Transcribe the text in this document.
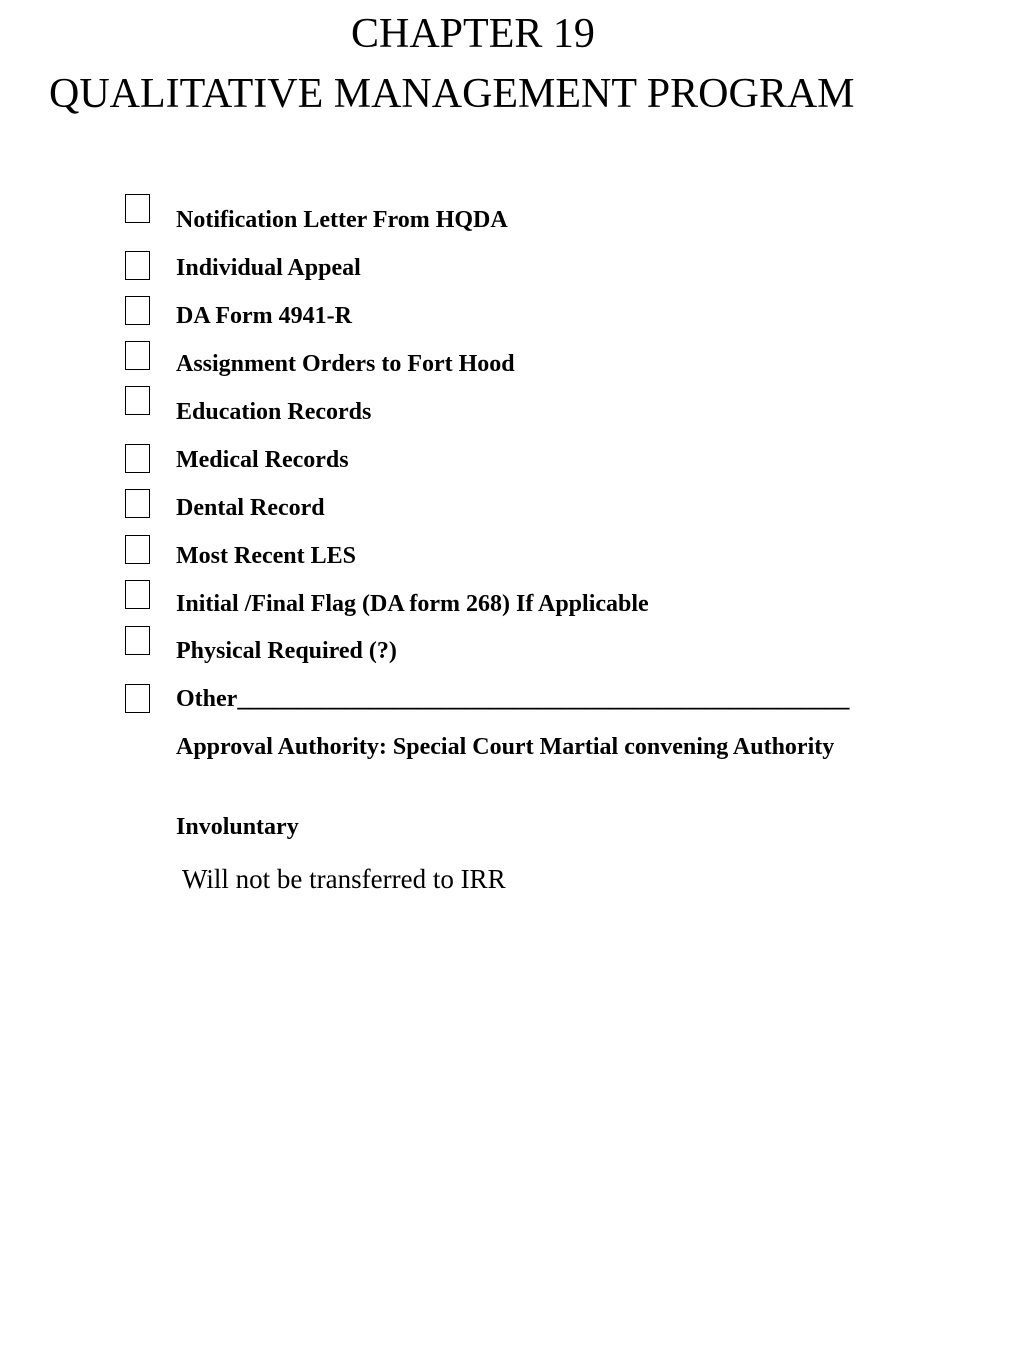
CHAPTER 19
QUALITATIVE MANAGEMENT PROGRAM
Notification Letter From HQDA
Individual Appeal
DA Form 4941-R
Assignment Orders to Fort Hood
Education Records
Medical Records
Dental Record
Most Recent LES
Initial /Final Flag (DA form 268) If Applicable
Physical Required (?)
Other___________________________________________________
Approval Authority: Special Court Martial convening Authority
Involuntary
Will not be transferred to IRR
